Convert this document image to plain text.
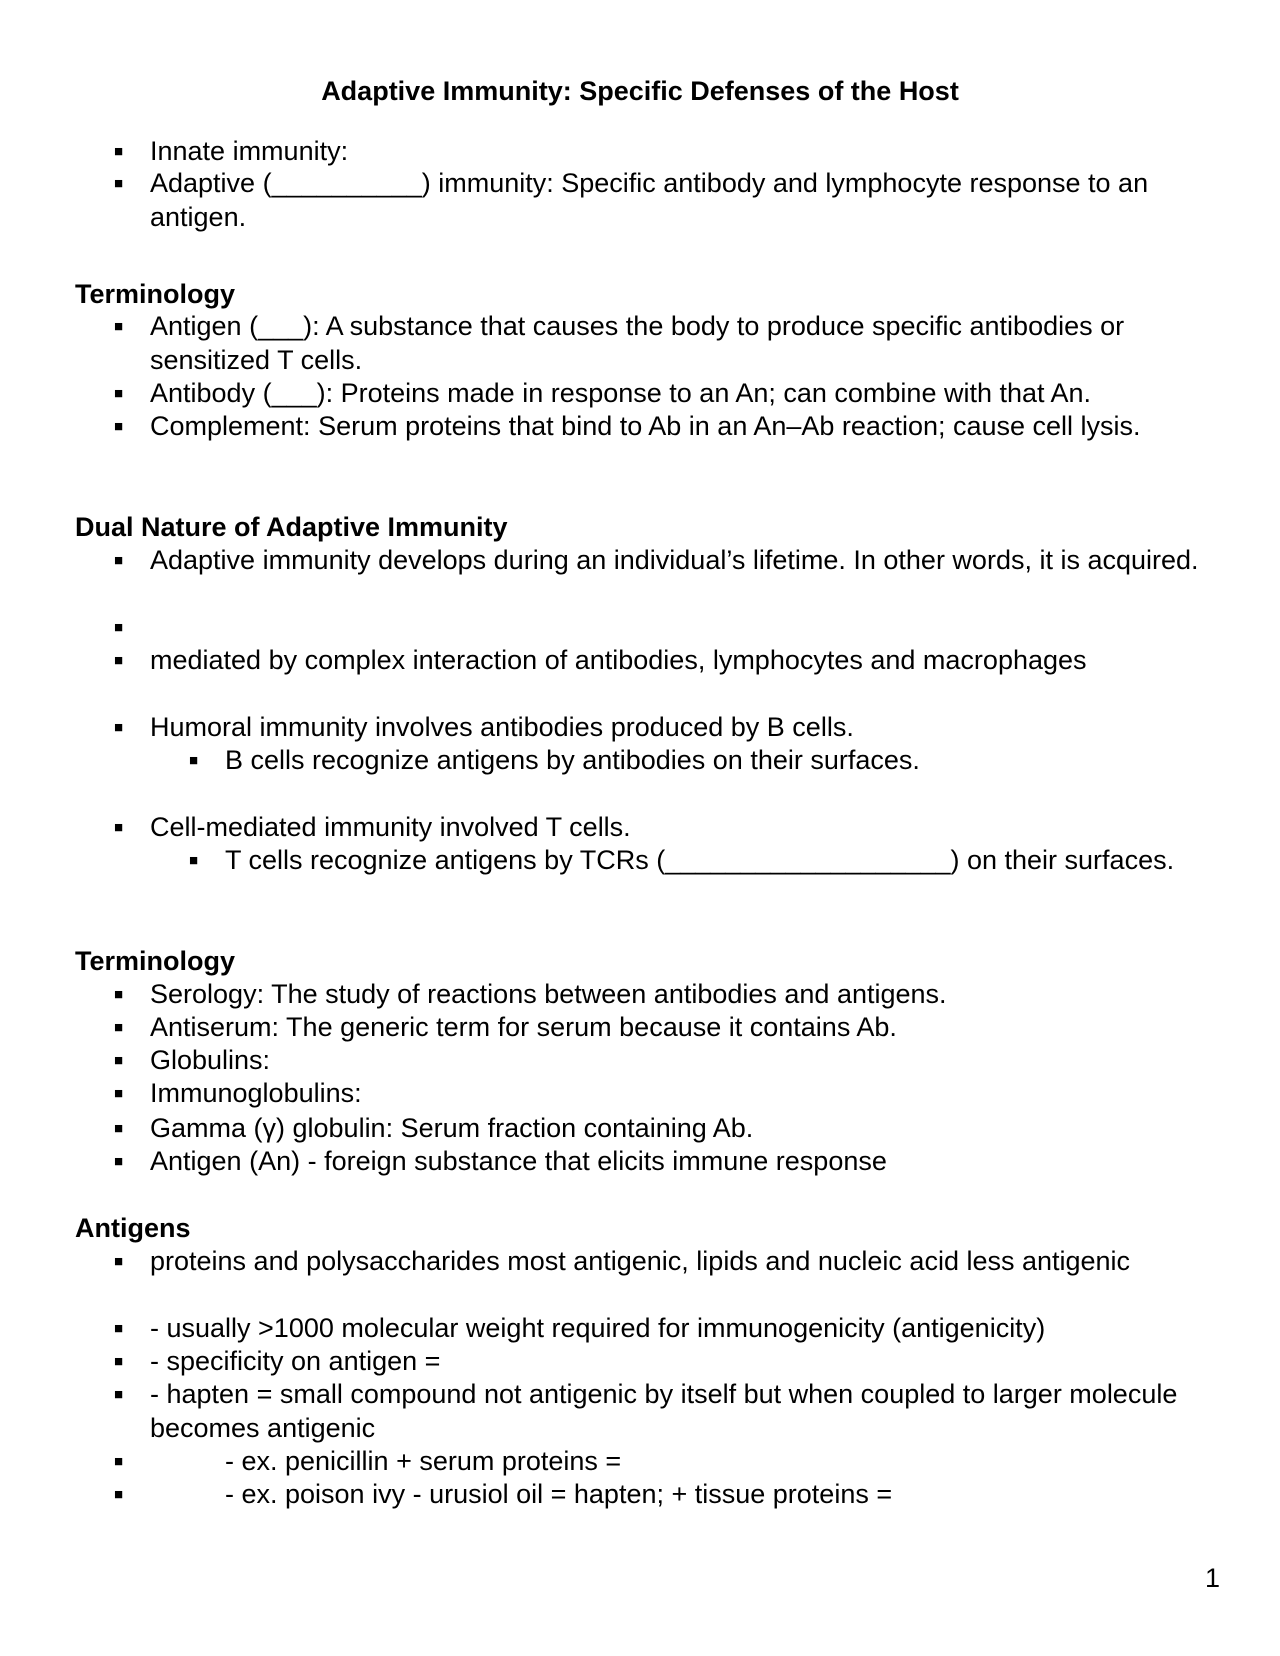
Adaptive Immunity: Specific Defenses of the Host
■ Innate immunity:
■ Adaptive (__________) immunity: Specific antibody and lymphocyte response to an antigen.
Terminology
■ Antigen (___): A substance that causes the body to produce specific antibodies or sensitized T cells.
■ Antibody (___): Proteins made in response to an An; can combine with that An.
■ Complement: Serum proteins that bind to Ab in an An–Ab reaction; cause cell lysis.
Dual Nature of Adaptive Immunity
■ Adaptive immunity develops during an individual’s lifetime. In other words, it is acquired.
■
■ mediated by complex interaction of antibodies, lymphocytes and macrophages
■ Humoral immunity involves antibodies produced by B cells.
■ B cells recognize antigens by antibodies on their surfaces.
■ Cell-mediated immunity involved T cells.
■ T cells recognize antigens by TCRs (___________________) on their surfaces.
Terminology
■ Serology: The study of reactions between antibodies and antigens.
■ Antiserum: The generic term for serum because it contains Ab.
■ Globulins:
■ Immunoglobulins:
■ Gamma (γ) globulin: Serum fraction containing Ab.
■ Antigen (An) - foreign substance that elicits immune response
Antigens
■ proteins and polysaccharides most antigenic, lipids and nucleic acid less antigenic
■ - usually >1000 molecular weight required for immunogenicity (antigenicity)
■ - specificity on antigen =
■ - hapten = small compound not antigenic by itself but when coupled to larger molecule becomes antigenic
■	- ex. penicillin + serum proteins =
■	- ex. poison ivy - urusiol oil = hapten; + tissue proteins =
1
